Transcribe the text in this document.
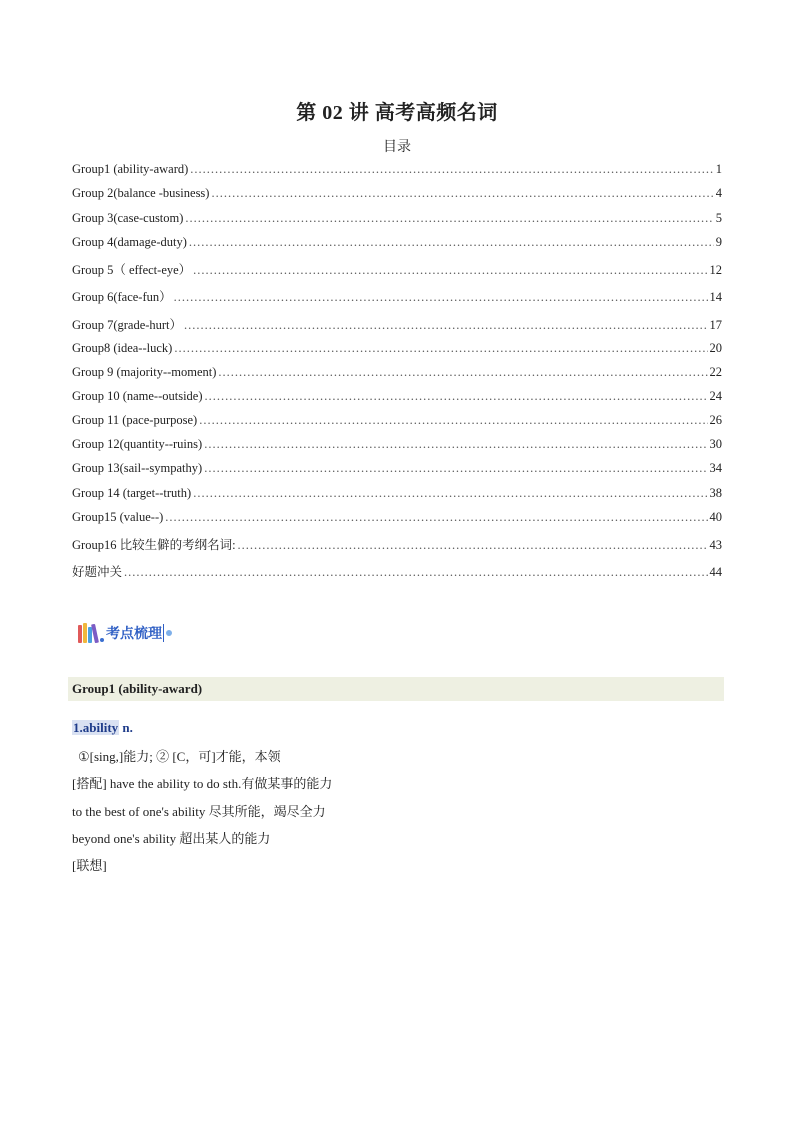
第 02 讲 高考高频名词
目录
Group1 (ability-award) .....	1
Group 2(balance -business) .....	4
Group 3(case-custom) .....	5
Group 4(damage-duty) .....	9
Group 5（ effect-eye） .....	12
Group 6(face-fun） .....	14
Group 7(grade-hurt） .....	17
Group8 (idea--luck) .....	20
Group 9 (majority--moment) .....	22
Group 10 (name--outside) .....	24
Group 11 (pace-purpose) .....	26
Group 12(quantity--ruins) .....	30
Group 13(sail--sympathy) .....	34
Group 14 (target--truth) .....	38
Group15 (value--) .....	40
Group16 比较生僻的考纲名词: .....	43
好题冲关 .....	44
考点梳理
Group1 (ability-award)
1.ability n.
①[sing,]能力; ② [C，可]才能，本领
[搭配] have the ability to do sth.有做某事的能力
to the best of one's ability 尽其所能，竭尽全力
beyond one's ability 超出某人的能力
[联想]
